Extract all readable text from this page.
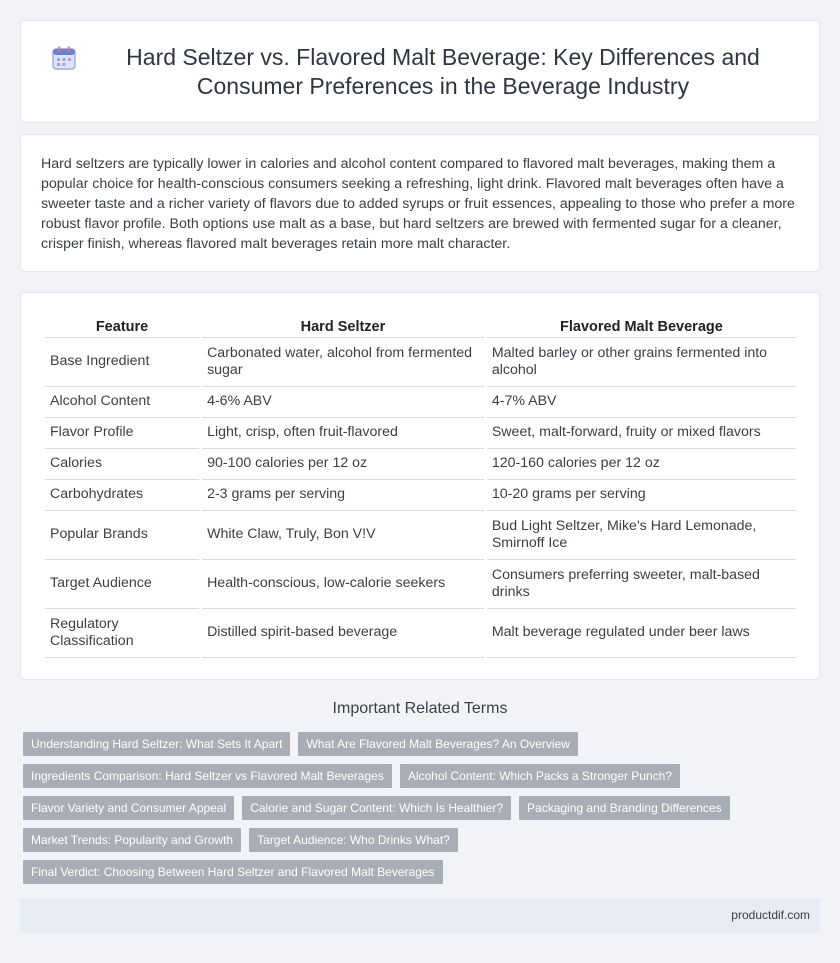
Hard Seltzer vs. Flavored Malt Beverage: Key Differences and Consumer Preferences in the Beverage Industry

Hard seltzers are typically lower in calories and alcohol content compared to flavored malt beverages, making them a popular choice for health-conscious consumers seeking a refreshing, light drink. Flavored malt beverages often have a sweeter taste and a richer variety of flavors due to added syrups or fruit essences, appealing to those who prefer a more robust flavor profile. Both options use malt as a base, but hard seltzers are brewed with fermented sugar for a cleaner, crisper finish, whereas flavored malt beverages retain more malt character.

Feature	Hard Seltzer	Flavored Malt Beverage
Base Ingredient	Carbonated water, alcohol from fermented sugar	Malted barley or other grains fermented into alcohol
Alcohol Content	4-6% ABV	4-7% ABV
Flavor Profile	Light, crisp, often fruit-flavored	Sweet, malt-forward, fruity or mixed flavors
Calories	90-100 calories per 12 oz	120-160 calories per 12 oz
Carbohydrates	2-3 grams per serving	10-20 grams per serving
Popular Brands	White Claw, Truly, Bon V!V	Bud Light Seltzer, Mike's Hard Lemonade, Smirnoff Ice
Target Audience	Health-conscious, low-calorie seekers	Consumers preferring sweeter, malt-based drinks
Regulatory Classification	Distilled spirit-based beverage	Malt beverage regulated under beer laws
Important Related Terms
Understanding Hard Seltzer: What Sets It Apart	What Are Flavored Malt Beverages? An Overview
Ingredients Comparison: Hard Seltzer vs Flavored Malt Beverages	Alcohol Content: Which Packs a Stronger Punch?
Flavor Variety and Consumer Appeal	Calorie and Sugar Content: Which Is Healthier?	Packaging and Branding Differences
Market Trends: Popularity and Growth	Target Audience: Who Drinks What?
Final Verdict: Choosing Between Hard Seltzer and Flavored Malt Beverages
productdif.com
